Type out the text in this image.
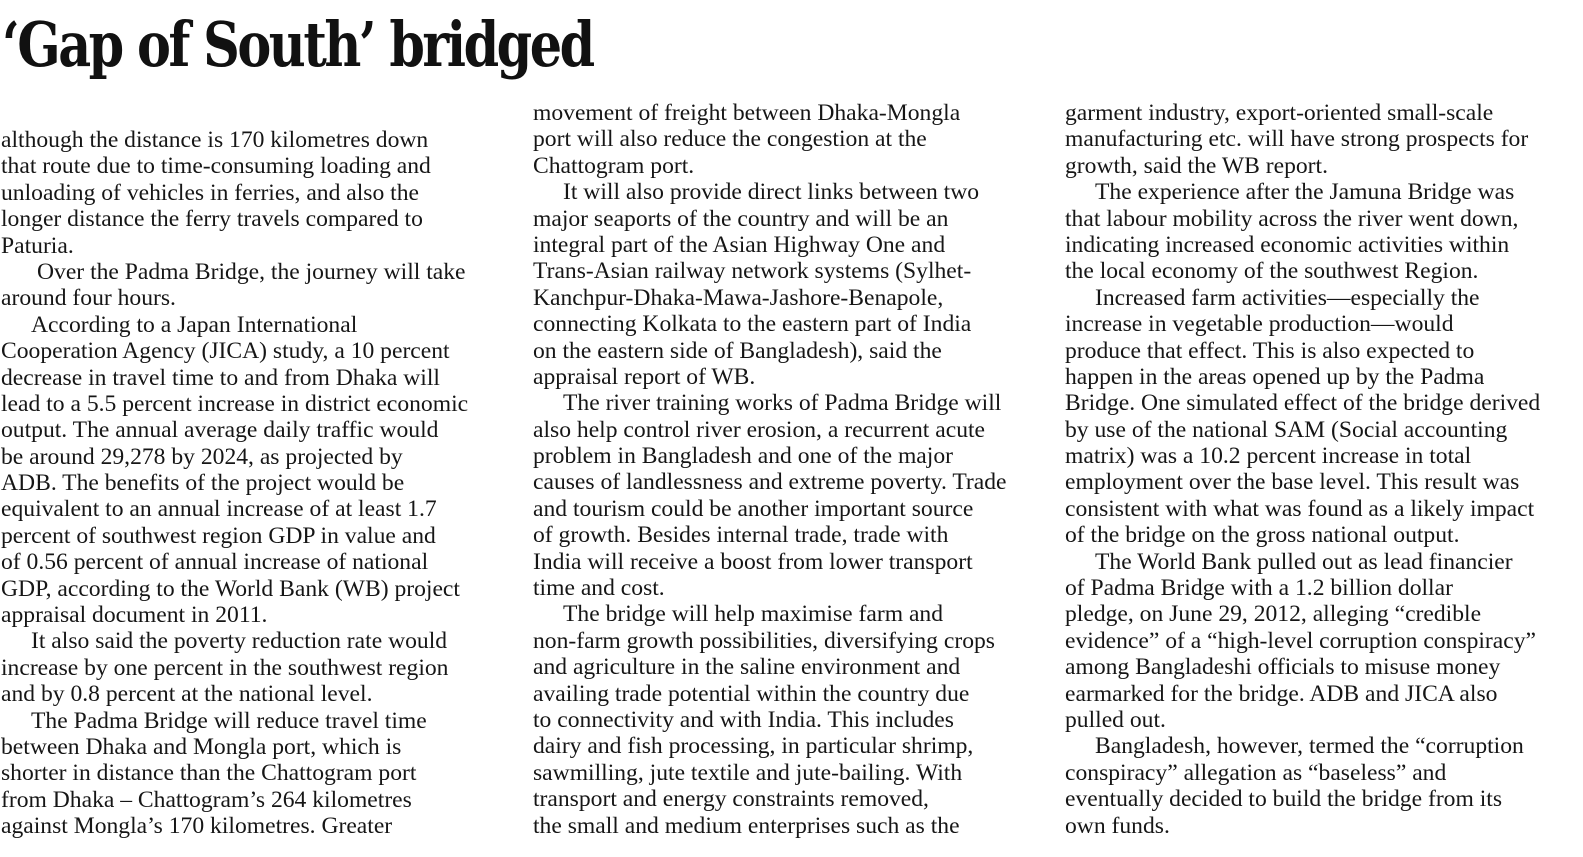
‘Gap of South’ bridged
although the distance is 170 kilometres down
that route due to time-consuming loading and
unloading of vehicles in ferries, and also the
longer distance the ferry travels compared to
Paturia.
Over the Padma Bridge, the journey will take
around four hours.
According to a Japan International
Cooperation Agency (JICA) study, a 10 percent
decrease in travel time to and from Dhaka will
lead to a 5.5 percent increase in district economic
output. The annual average daily traffic would
be around 29,278 by 2024, as projected by
ADB. The benefits of the project would be
equivalent to an annual increase of at least 1.7
percent of southwest region GDP in value and
of 0.56 percent of annual increase of national
GDP, according to the World Bank (WB) project
appraisal document in 2011.
It also said the poverty reduction rate would
increase by one percent in the southwest region
and by 0.8 percent at the national level.
The Padma Bridge will reduce travel time
between Dhaka and Mongla port, which is
shorter in distance than the Chattogram port
from Dhaka – Chattogram’s 264 kilometres
against Mongla’s 170 kilometres. Greater
movement of freight between Dhaka-Mongla
port will also reduce the congestion at the
Chattogram port.
It will also provide direct links between two
major seaports of the country and will be an
integral part of the Asian Highway One and
Trans-Asian railway network systems (Sylhet-
Kanchpur-Dhaka-Mawa-Jashore-Benapole,
connecting Kolkata to the eastern part of India
on the eastern side of Bangladesh), said the
appraisal report of WB.
The river training works of Padma Bridge will
also help control river erosion, a recurrent acute
problem in Bangladesh and one of the major
causes of landlessness and extreme poverty. Trade
and tourism could be another important source
of growth. Besides internal trade, trade with
India will receive a boost from lower transport
time and cost.
The bridge will help maximise farm and
non-farm growth possibilities, diversifying crops
and agriculture in the saline environment and
availing trade potential within the country due
to connectivity and with India. This includes
dairy and fish processing, in particular shrimp,
sawmilling, jute textile and jute-bailing. With
transport and energy constraints removed,
the small and medium enterprises such as the
garment industry, export-oriented small-scale
manufacturing etc. will have strong prospects for
growth, said the WB report.
The experience after the Jamuna Bridge was
that labour mobility across the river went down,
indicating increased economic activities within
the local economy of the southwest Region.
Increased farm activities—especially the
increase in vegetable production—would
produce that effect. This is also expected to
happen in the areas opened up by the Padma
Bridge. One simulated effect of the bridge derived
by use of the national SAM (Social accounting
matrix) was a 10.2 percent increase in total
employment over the base level. This result was
consistent with what was found as a likely impact
of the bridge on the gross national output.
The World Bank pulled out as lead financier
of Padma Bridge with a 1.2 billion dollar
pledge, on June 29, 2012, alleging “credible
evidence” of a “high-level corruption conspiracy”
among Bangladeshi officials to misuse money
earmarked for the bridge. ADB and JICA also
pulled out.
Bangladesh, however, termed the “corruption
conspiracy” allegation as “baseless” and
eventually decided to build the bridge from its
own funds.
